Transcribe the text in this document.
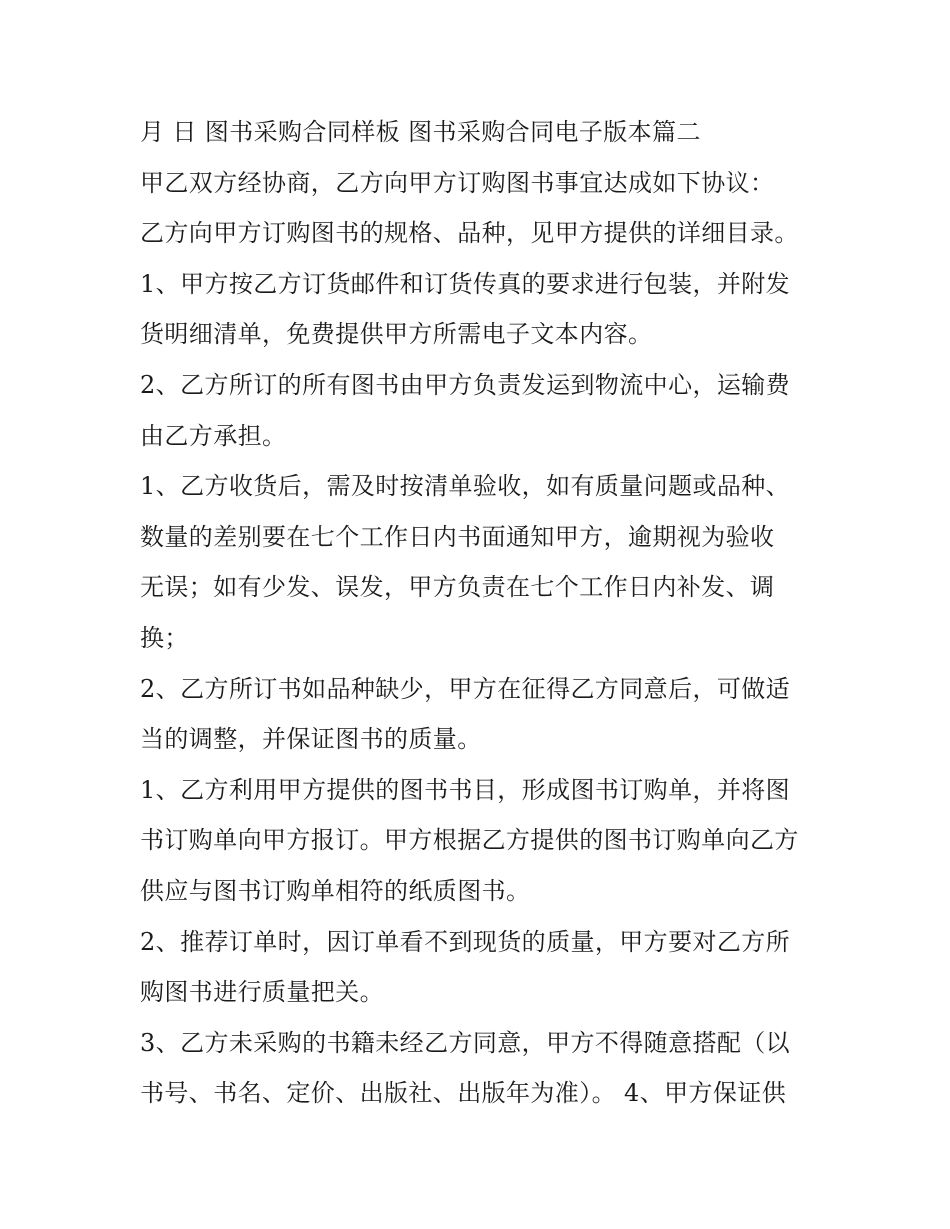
月 日 图书采购合同样板 图书采购合同电子版本篇二
甲乙双方经协商，乙方向甲方订购图书事宜达成如下协议：
乙方向甲方订购图书的规格、品种，见甲方提供的详细目录。
1、甲方按乙方订货邮件和订货传真的要求进行包装，并附发
货明细清单，免费提供甲方所需电子文本内容。
2、乙方所订的所有图书由甲方负责发运到物流中心，运输费
由乙方承担。
1、乙方收货后，需及时按清单验收，如有质量问题或品种、
数量的差别要在七个工作日内书面通知甲方，逾期视为验收
无误；如有少发、误发，甲方负责在七个工作日内补发、调
换；
2、乙方所订书如品种缺少，甲方在征得乙方同意后，可做适
当的调整，并保证图书的质量。
1、乙方利用甲方提供的图书书目，形成图书订购单，并将图
书订购单向甲方报订。甲方根据乙方提供的图书订购单向乙方
供应与图书订购单相符的纸质图书。
2、推荐订单时，因订单看不到现货的质量，甲方要对乙方所
购图书进行质量把关。
3、乙方未采购的书籍未经乙方同意，甲方不得随意搭配（以
书号、书名、定价、出版社、出版年为准）。 4、甲方保证供
